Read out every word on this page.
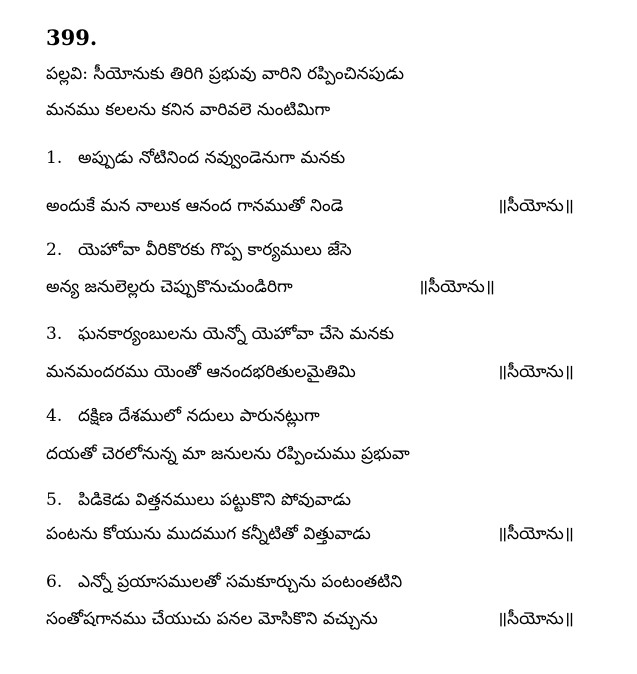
399.
పల్లవి: సీయోనుకు తిరిగి ప్రభువు వారిని రప్పించినపుడు
మనము కలలను కనిన వారివలె నుంటిమిగా
1. అప్పుడు నోటినింద నవ్వుండెనుగా మనకు
అందుకే మన నాలుక ఆనంద గానముతో నిండె	॥సీయోను॥
2. యెహోవా వీరికొరకు గొప్ప కార్యములు జేసె
అన్య జనులెల్లరు చెప్పుకొనుచుండిరిగా	॥సీయోను॥
3. ఘనకార్యంబులను యెన్నో యెహోవా చేసె మనకు
మనమందరము యెంతో ఆనందభరితులమైతిమి	॥సీయోను॥
4. దక్షిణ దేశములో నదులు పారునట్లుగా
దయతో చెరలోనున్న మా జనులను రప్పించుము ప్రభువా
5. పిడికెడు విత్తనములు పట్టుకొని పోవువాడు
పంటను కోయును ముదముగ కన్నీటితో విత్తువాడు	॥సీయోను॥
6. ఎన్నో ప్రయాసములతో సమకూర్చును పంటంతటిని
సంతోషగానము చేయుచు పనల మోసికొని వచ్చును	॥సీయోను॥
